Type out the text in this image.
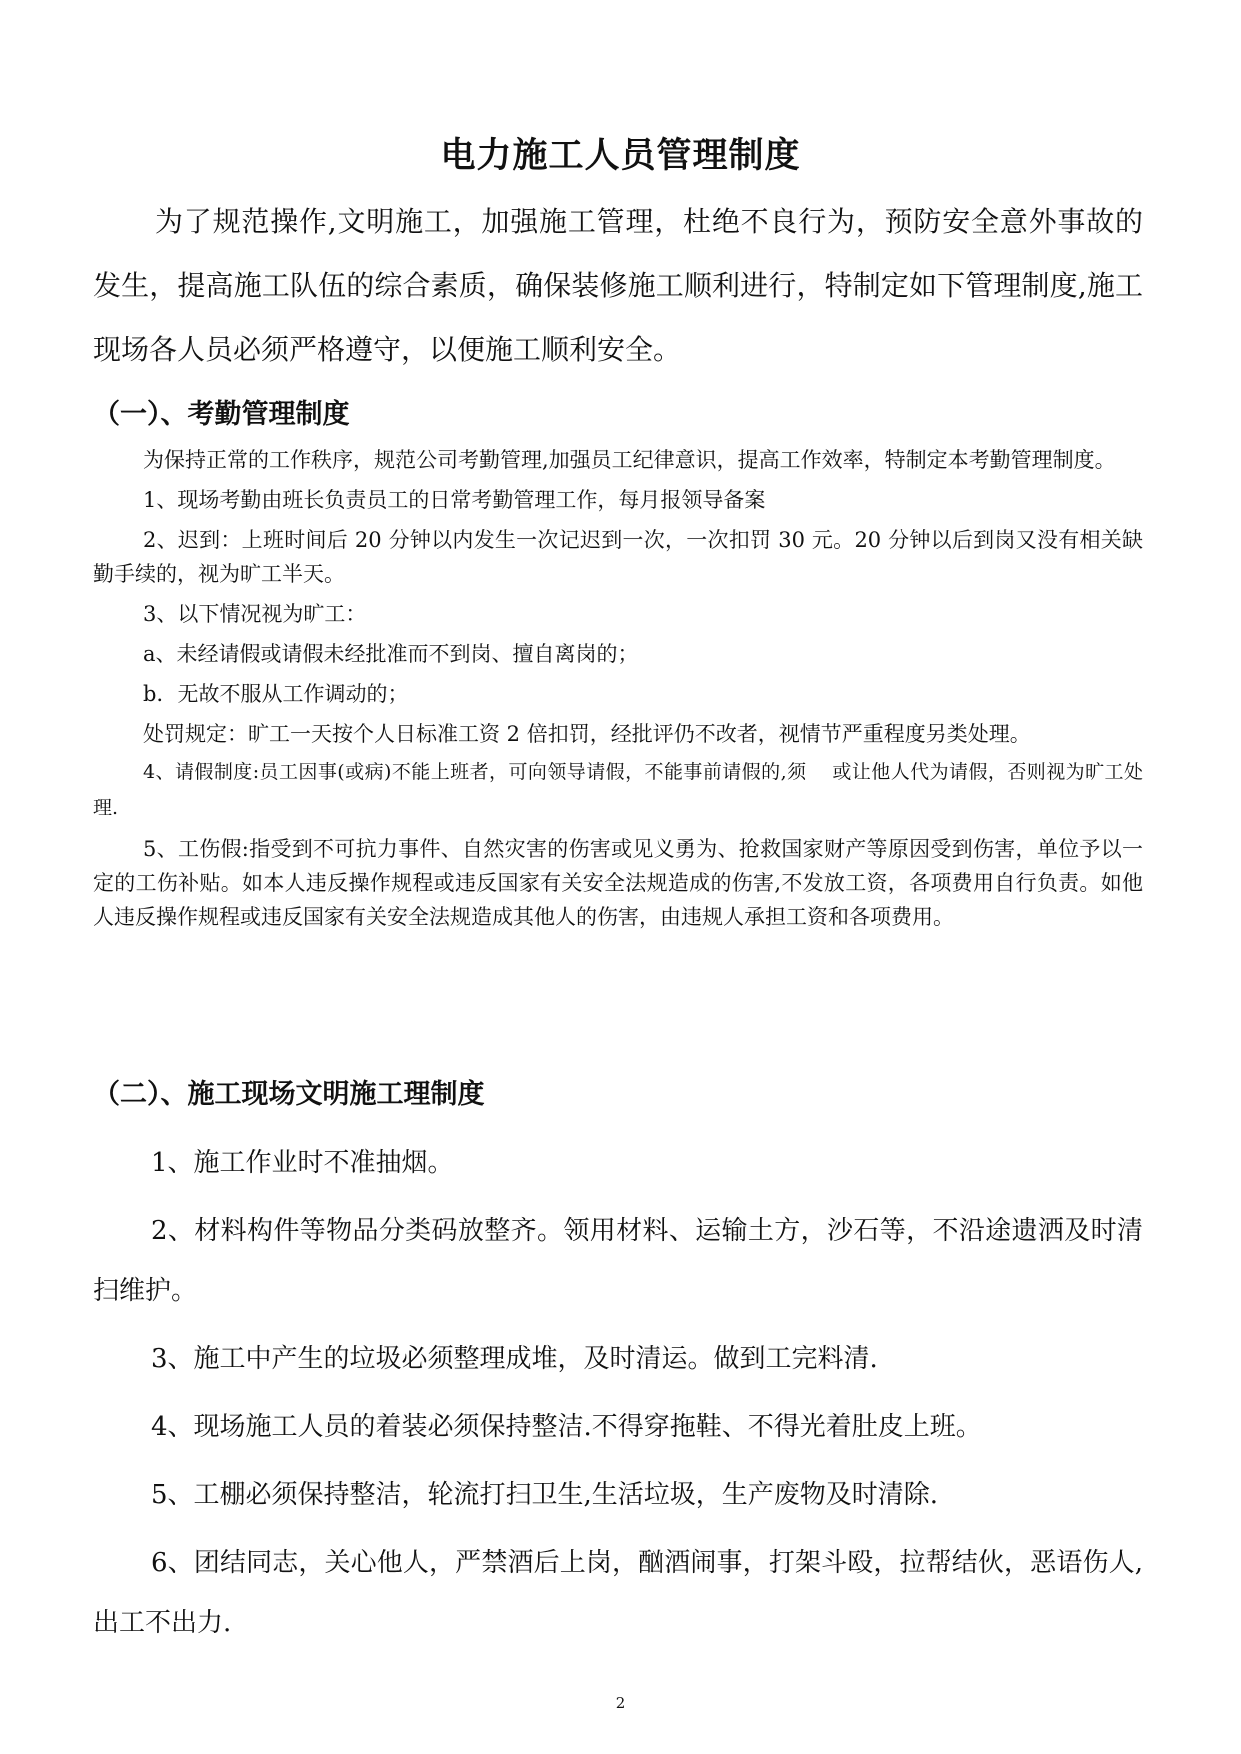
电力施工人员管理制度

为了规范操作,文明施工，加强施工管理，杜绝不良行为，预防安全意外事故的发生，提高施工队伍的综合素质，确保装修施工顺利进行，特制定如下管理制度,施工现场各人员必须严格遵守，以便施工顺利安全。

（一）、考勤管理制度

为保持正常的工作秩序，规范公司考勤管理,加强员工纪律意识，提高工作效率，特制定本考勤管理制度。

1、现场考勤由班长负责员工的日常考勤管理工作，每月报领导备案

2、迟到：上班时间后 20 分钟以内发生一次记迟到一次，一次扣罚 30 元。20 分钟以后到岗又没有相关缺勤手续的，视为旷工半天。

3、以下情况视为旷工：

a、未经请假或请假未经批准而不到岗、擅自离岗的；

b．无故不服从工作调动的；

处罚规定：旷工一天按个人日标准工资 2 倍扣罚，经批评仍不改者，视情节严重程度另类处理。

4、请假制度:员工因事(或病)不能上班者，可向领导请假，不能事前请假的,须　 或让他人代为请假，否则视为旷工处理.

5、工伤假:指受到不可抗力事件、自然灾害的伤害或见义勇为、抢救国家财产等原因受到伤害，单位予以一定的工伤补贴。如本人违反操作规程或违反国家有关安全法规造成的伤害,不发放工资，各项费用自行负责。如他人违反操作规程或违反国家有关安全法规造成其他人的伤害，由违规人承担工资和各项费用。

（二）、施工现场文明施工理制度

1、施工作业时不准抽烟。

2、材料构件等物品分类码放整齐。领用材料、运输土方，沙石等，不沿途遗洒及时清扫维护。

3、施工中产生的垃圾必须整理成堆，及时清运。做到工完料清.

4、现场施工人员的着装必须保持整洁.不得穿拖鞋、不得光着肚皮上班。

5、工棚必须保持整洁，轮流打扫卫生,生活垃圾，生产废物及时清除.

6、团结同志，关心他人，严禁酒后上岗，酗酒闹事，打架斗殴，拉帮结伙，恶语伤人,出工不出力.

2
